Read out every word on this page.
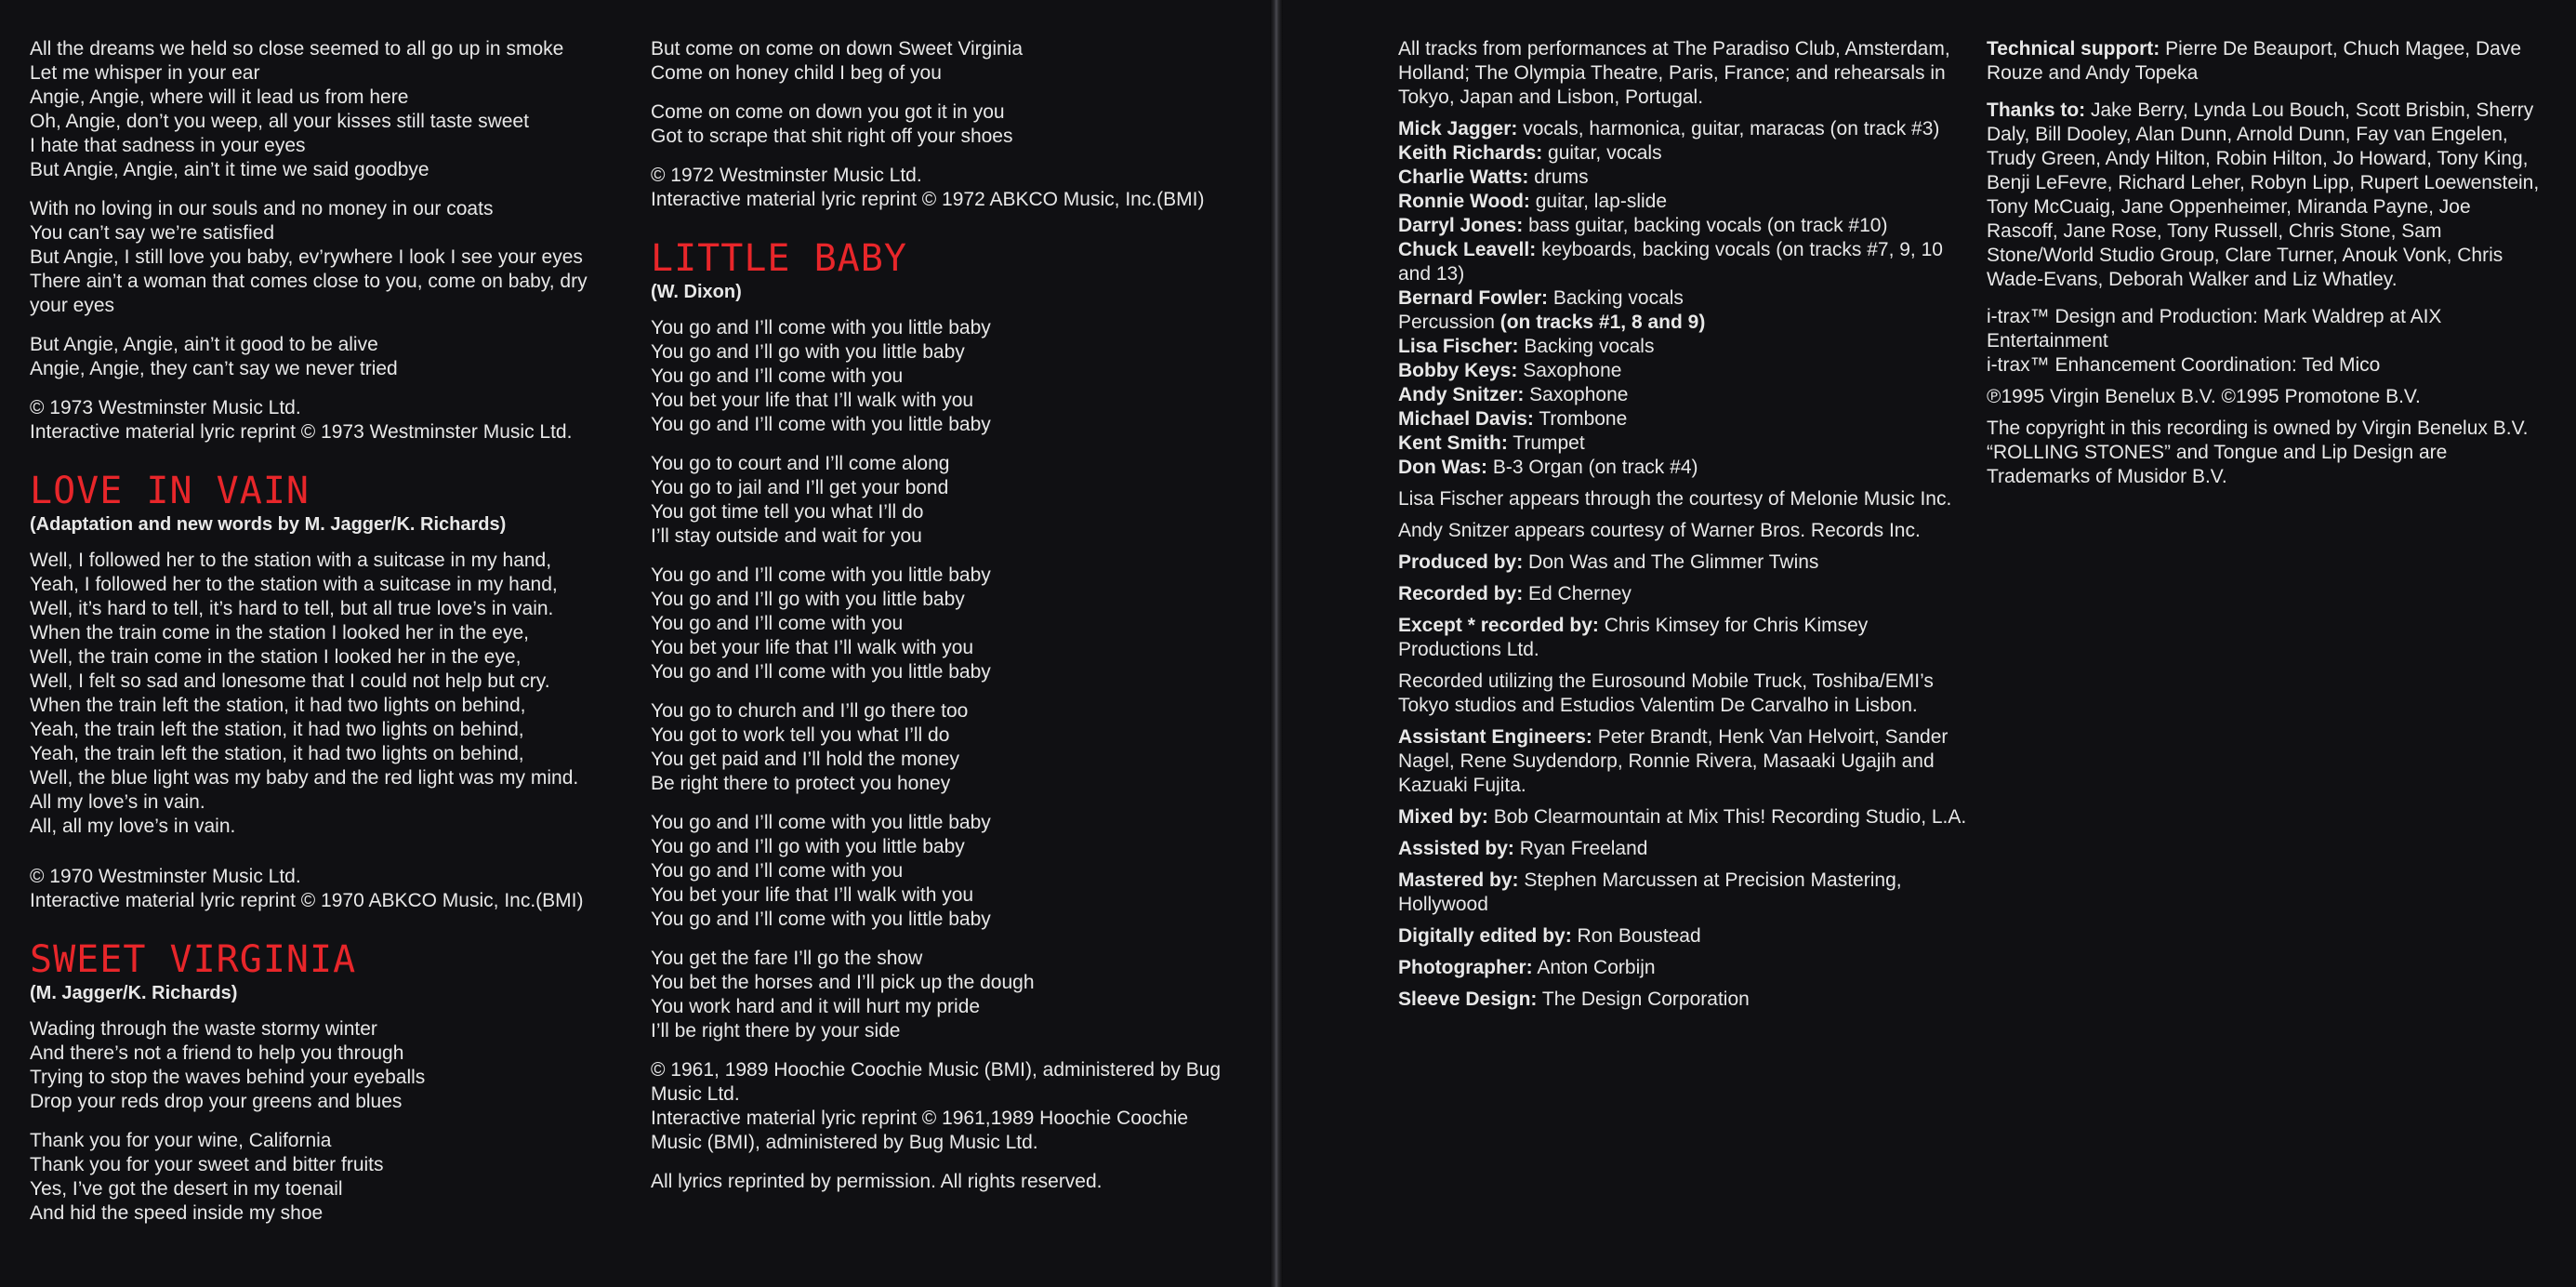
All the dreams we held so close seemed to all go up in smoke
Let me whisper in your ear
Angie, Angie, where will it lead us from here
Oh, Angie, don’t you weep, all your kisses still taste sweet
I hate that sadness in your eyes
But Angie, Angie, ain’t it time we said goodbye
With no loving in our souls and no money in our coats
You can’t say we’re satisfied
But Angie, I still love you baby, ev’rywhere I look I see your eyes
There ain’t a woman that comes close to you, come on baby, dry
your eyes
But Angie, Angie, ain’t it good to be alive
Angie, Angie, they can’t say we never tried
© 1973 Westminster Music Ltd.
Interactive material lyric reprint © 1973 Westminster Music Ltd.
LOVE IN VAIN
(Adaptation and new words by M. Jagger/K. Richards)
Well, I followed her to the station with a suitcase in my hand,
Yeah, I followed her to the station with a suitcase in my hand,
Well, it’s hard to tell, it’s hard to tell, but all true love’s in vain.
When the train come in the station I looked her in the eye,
Well, the train come in the station I looked her in the eye,
Well, I felt so sad and lonesome that I could not help but cry.
When the train left the station, it had two lights on behind,
Yeah, the train left the station, it had two lights on behind,
Yeah, the train left the station, it had two lights on behind,
Well, the blue light was my baby and the red light was my mind.
All my love’s in vain.
All, all my love’s in vain.
© 1970 Westminster Music Ltd.
Interactive material lyric reprint © 1970 ABKCO Music, Inc.(BMI)
SWEET VIRGINIA
(M. Jagger/K. Richards)
Wading through the waste stormy winter
And there’s not a friend to help you through
Trying to stop the waves behind your eyeballs
Drop your reds drop your greens and blues
Thank you for your wine, California
Thank you for your sweet and bitter fruits
Yes, I’ve got the desert in my toenail
And hid the speed inside my shoe
But come on come on down Sweet Virginia
Come on honey child I beg of you
Come on come on down you got it in you
Got to scrape that shit right off your shoes
© 1972 Westminster Music Ltd.
Interactive material lyric reprint © 1972 ABKCO Music, Inc.(BMI)
LITTLE BABY
(W. Dixon)
You go and I’ll come with you little baby
You go and I’ll go with you little baby
You go and I’ll come with you
You bet your life that I’ll walk with you
You go and I’ll come with you little baby
You go to court and I’ll come along
You go to jail and I’ll get your bond
You got time tell you what I’ll do
I’ll stay outside and wait for you
You go and I’ll come with you little baby
You go and I’ll go with you little baby
You go and I’ll come with you
You bet your life that I’ll walk with you
You go and I’ll come with you little baby
You go to church and I’ll go there too
You got to work tell you what I’ll do
You get paid and I’ll hold the money
Be right there to protect you honey
You go and I’ll come with you little baby
You go and I’ll go with you little baby
You go and I’ll come with you
You bet your life that I’ll walk with you
You go and I’ll come with you little baby
You get the fare I’ll go the show
You bet the horses and I’ll pick up the dough
You work hard and it will hurt my pride
I’ll be right there by your side
© 1961, 1989 Hoochie Coochie Music (BMI), administered by Bug
Music Ltd.
Interactive material lyric reprint © 1961,1989 Hoochie Coochie
Music (BMI), administered by Bug Music Ltd.
All lyrics reprinted by permission. All rights reserved.
All tracks from performances at The Paradiso Club, Amsterdam, Holland; The Olympia Theatre, Paris, France; and rehearsals in Tokyo, Japan and Lisbon, Portugal.
Mick Jagger: vocals, harmonica, guitar, maracas (on track #3)
Keith Richards: guitar, vocals
Charlie Watts: drums
Ronnie Wood: guitar, lap-slide
Darryl Jones: bass guitar, backing vocals (on track #10)
Chuck Leavell: keyboards, backing vocals (on tracks #7, 9, 10 and 13)
Bernard Fowler: Backing vocals
Percussion (on tracks #1, 8 and 9)
Lisa Fischer: Backing vocals
Bobby Keys: Saxophone
Andy Snitzer: Saxophone
Michael Davis: Trombone
Kent Smith: Trumpet
Don Was: B-3 Organ (on track #4)
Lisa Fischer appears through the courtesy of Melonie Music Inc.
Andy Snitzer appears courtesy of Warner Bros. Records Inc.
Produced by: Don Was and The Glimmer Twins
Recorded by: Ed Cherney
Except * recorded by: Chris Kimsey for Chris Kimsey Productions Ltd.
Recorded utilizing the Eurosound Mobile Truck, Toshiba/EMI’s Tokyo studios and Estudios Valentim De Carvalho in Lisbon.
Assistant Engineers: Peter Brandt, Henk Van Helvoirt, Sander Nagel, Rene Suydendorp, Ronnie Rivera, Masaaki Ugajih and Kazuaki Fujita.
Mixed by: Bob Clearmountain at Mix This! Recording Studio, L.A.
Assisted by: Ryan Freeland
Mastered by: Stephen Marcussen at Precision Mastering, Hollywood
Digitally edited by: Ron Boustead
Photographer: Anton Corbijn
Sleeve Design: The Design Corporation
Technical support: Pierre De Beauport, Chuch Magee, Dave Rouze and Andy Topeka
Thanks to: Jake Berry, Lynda Lou Bouch, Scott Brisbin, Sherry Daly, Bill Dooley, Alan Dunn, Arnold Dunn, Fay van Engelen, Trudy Green, Andy Hilton, Robin Hilton, Jo Howard, Tony King, Benji LeFevre, Richard Leher, Robyn Lipp, Rupert Loewenstein, Tony McCuaig, Jane Oppenheimer, Miranda Payne, Joe Rascoff, Jane Rose, Tony Russell, Chris Stone, Sam Stone/World Studio Group, Clare Turner, Anouk Vonk, Chris Wade-Evans, Deborah Walker and Liz Whatley.
i-trax™ Design and Production: Mark Waldrep at AIX Entertainment
i-trax™ Enhancement Coordination: Ted Mico
℗1995 Virgin Benelux B.V. ©1995 Promotone B.V.
The copyright in this recording is owned by Virgin Benelux B.V. “ROLLING STONES” and Tongue and Lip Design are Trademarks of Musidor B.V.
